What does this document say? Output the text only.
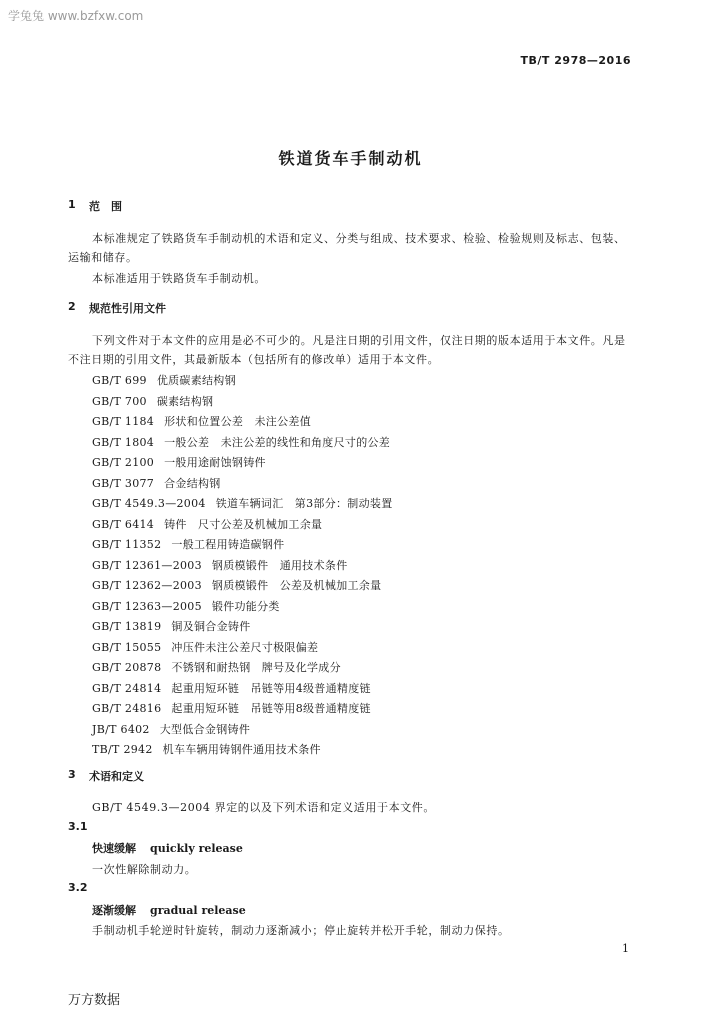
学兔兔 www.bzfxw.com
TB/T 2978—2016
铁道货车手制动机
1 范　围
本标准规定了铁路货车手制动机的术语和定义、分类与组成、技术要求、检验、检验规则及标志、包装、运输和储存。
本标准适用于铁路货车手制动机。
2 规范性引用文件
下列文件对于本文件的应用是必不可少的。凡是注日期的引用文件，仅注日期的版本适用于本文件。凡是不注日期的引用文件，其最新版本（包括所有的修改单）适用于本文件。
GB/T 699 优质碳素结构钢
GB/T 700 碳素结构钢
GB/T 1184 形状和位置公差　未注公差值
GB/T 1804 一般公差　未注公差的线性和角度尺寸的公差
GB/T 2100 一般用途耐蚀钢铸件
GB/T 3077 合金结构钢
GB/T 4549.3—2004 铁道车辆词汇　第3部分：制动装置
GB/T 6414 铸件　尺寸公差及机械加工余量
GB/T 11352 一般工程用铸造碳钢件
GB/T 12361—2003 钢质模锻件　通用技术条件
GB/T 12362—2003 钢质模锻件　公差及机械加工余量
GB/T 12363—2005 锻件功能分类
GB/T 13819 铜及铜合金铸件
GB/T 15055 冲压件未注公差尺寸极限偏差
GB/T 20878 不锈钢和耐热钢　牌号及化学成分
GB/T 24814 起重用短环链　吊链等用4级普通精度链
GB/T 24816 起重用短环链　吊链等用8级普通精度链
JB/T 6402 大型低合金钢铸件
TB/T 2942 机车车辆用铸钢件通用技术条件
3 术语和定义
GB/T 4549.3—2004 界定的以及下列术语和定义适用于本文件。
3.1
快速缓解 quickly release
一次性解除制动力。
3.2
逐渐缓解 gradual release
手制动机手轮逆时针旋转，制动力逐渐减小；停止旋转并松开手轮，制动力保持。
1
万方数据
